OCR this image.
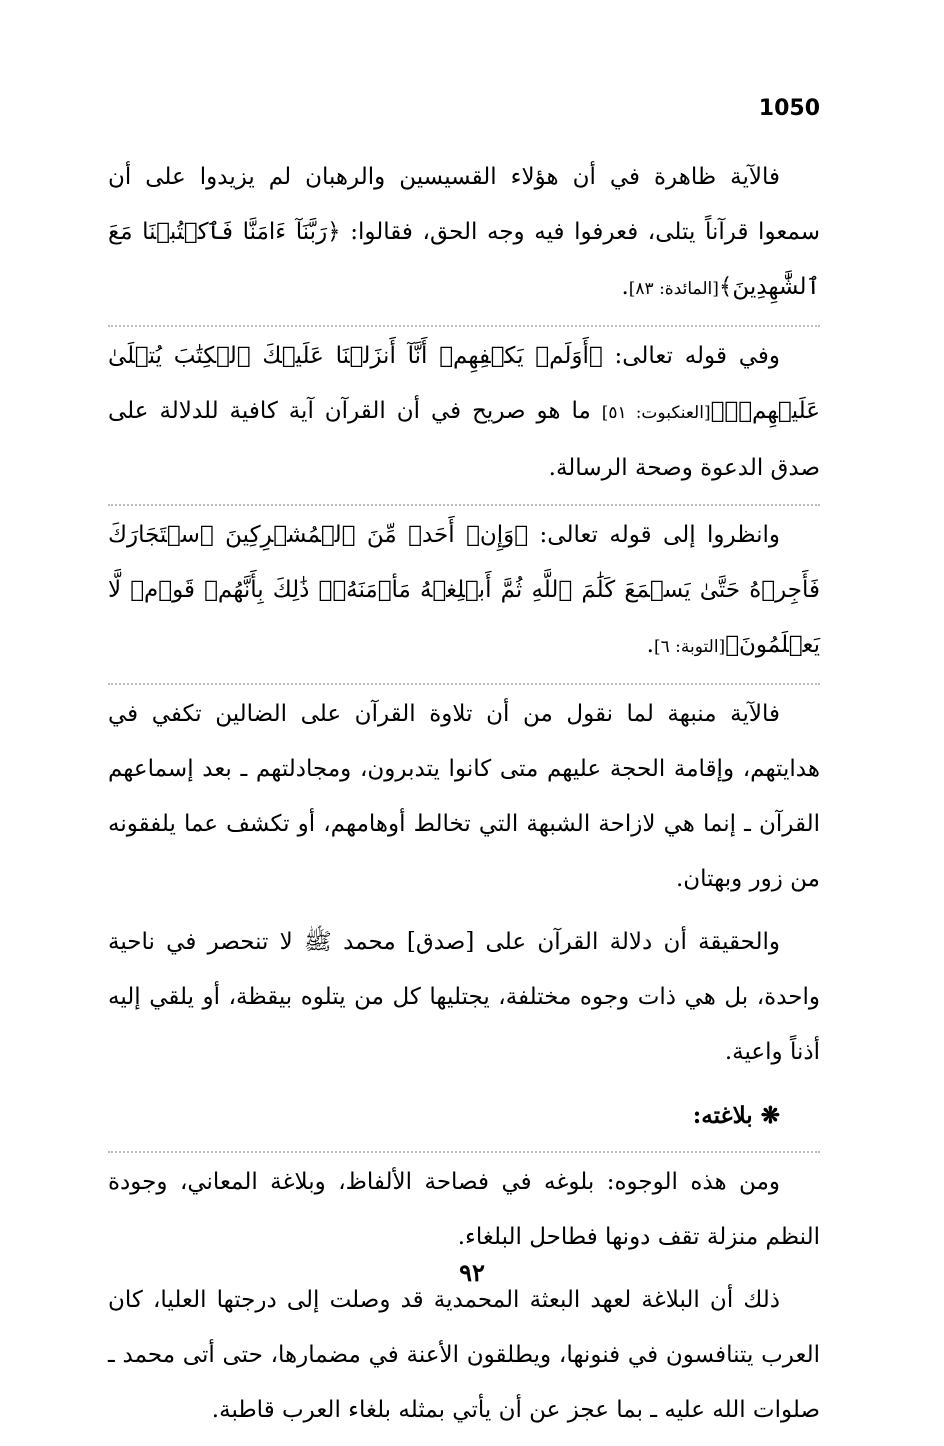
1050

فالآية ظاهرة في أن هؤلاء القسيسين والرهبان لم يزيدوا على أن سمعوا قرآناً يتلى، فعرفوا فيه وجه الحق، فقالوا: ﴿رَبَّنَآ ءَامَنَّا فَٱكۡتُبۡنَا مَعَ ٱلشَّٰهِدِينَ﴾[المائدة: ٨٣].

وفي قوله تعالى: ﴿أَوَلَمۡ يَكۡفِهِمۡ أَنَّآ أَنزَلۡنَا عَلَيۡكَ ٱلۡكِتَٰبَ يُتۡلَىٰ عَلَيۡهِمۡۚ﴾[العنكبوت: ٥١] ما هو صريح في أن القرآن آية كافية للدلالة على صدق الدعوة وصحة الرسالة.

وانظروا إلى قوله تعالى: ﴿وَإِنۡ أَحَدٞ مِّنَ ٱلۡمُشۡرِكِينَ ٱسۡتَجَارَكَ فَأَجِرۡهُ حَتَّىٰ يَسۡمَعَ كَلَٰمَ ٱللَّهِ ثُمَّ أَبۡلِغۡهُ مَأۡمَنَهُۥۚ ذَٰلِكَ بِأَنَّهُمۡ قَوۡمٞ لَّا يَعۡلَمُونَ﴾[التوبة: ٦].

فالآية منبهة لما نقول من أن تلاوة القرآن على الضالين تكفي في هدايتهم، وإقامة الحجة عليهم متى كانوا يتدبرون، ومجادلتهم ـ بعد إسماعهم القرآن ـ إنما هي لازاحة الشبهة التي تخالط أوهامهم، أو تكشف عما يلفقونه من زور وبهتان.

والحقيقة أن دلالة القرآن على [صدق] محمد ﷺ لا تنحصر في ناحية واحدة، بل هي ذات وجوه مختلفة، يجتليها كل من يتلوه بيقظة، أو يلقي إليه أذناً واعية.

❋بلاغته:

ومن هذه الوجوه: بلوغه في فصاحة الألفاظ، وبلاغة المعاني، وجودة النظم منزلة تقف دونها فطاحل البلغاء.

ذلك أن البلاغة لعهد البعثة المحمدية قد وصلت إلى درجتها العليا، كان العرب يتنافسون في فنونها، ويطلقون الأعنة في مضمارها، حتى أتى محمد ـ صلوات الله عليه ـ بما عجز عن أن يأتي بمثله بلغاء العرب قاطبة.

٩٢
